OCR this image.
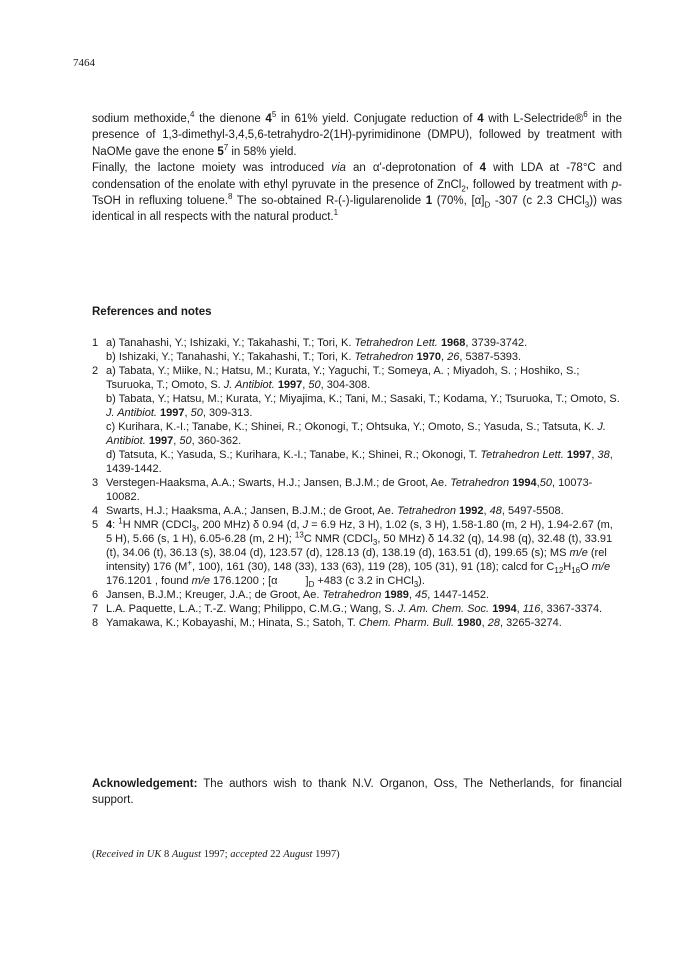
7464

sodium methoxide,$^4$ the dienone $4^5$ in 61% yield. Conjugate reduction of 4 with L-Selectride®$^6$ in the presence of 1,3-dimethyl-3,4,5,6-tetrahydro-2(1H)-pyrimidinone (DMPU), followed by treatment with NaOMe gave the enone $5^7$ in 58% yield.

Finally, the lactone moiety was introduced via an α'-deprotonation of 4 with LDA at -78°C and condensation of the enolate with ethyl pyruvate in the presence of ZnCl$_2$, followed by treatment with p-TsOH in refluxing toluene.$^8$ The so-obtained R-(-)-ligularenolide 1 (70%, $[\alpha]_D$ -307 (c 2.3 CHCl$_3$)) was identical in all respects with the natural product.$^1$

References and notes
1 a) Tanahashi, Y.; Ishizaki, Y.; Takahashi, T.; Tori, K. Tetrahedron Lett. 1968, 3739-3742.
b) Ishizaki, Y.; Tanahashi, Y.; Takahashi, T.; Tori, K. Tetrahedron 1970, 26, 5387-5393.
2 a) Tabata, Y.; Miike, N.; Hatsu, M.; Kurata, Y.; Yaguchi, T.; Someya, A. ; Miyadoh, S. ; Hoshiko, S.; Tsuruoka, T.; Omoto, S. J. Antibiot. 1997, 50, 304-308.
b) Tabata, Y.; Hatsu, M.; Kurata, Y.; Miyajima, K.; Tani, M.; Sasaki, T.; Kodama, Y.; Tsuruoka, T.; Omoto, S. J. Antibiot. 1997, 50, 309-313.
c) Kurihara, K.-I.; Tanabe, K.; Shinei, R.; Okonogi, T.; Ohtsuka, Y.; Omoto, S.; Yasuda, S.; Tatsuta, K. J. Antibiot. 1997, 50, 360-362.
d) Tatsuta, K.; Yasuda, S.; Kurihara, K.-I.; Tanabe, K.; Shinei, R.; Okonogi, T. Tetrahedron Lett. 1997, 38, 1439-1442.
3 Verstegen-Haaksma, A.A.; Swarts, H.J.; Jansen, B.J.M.; de Groot, Ae. Tetrahedron 1994,50, 10073-10082.
4 Swarts, H.J.; Haaksma, A.A.; Jansen, B.J.M.; de Groot, Ae. Tetrahedron 1992, 48, 5497-5508.
5 4: $^1$H NMR (CDCl$_3$, 200 MHz) δ 0.94 (d, J = 6.9 Hz, 3 H), 1.02 (s, 3 H), 1.58-1.80 (m, 2 H), 1.94-2.67 (m, 5 H), 5.66 (s, 1 H), 6.05-6.28 (m, 2 H); $^{13}$C NMR (CDCl$_3$, 50 MHz) δ 14.32 (q), 14.98 (q), 32.48 (t), 33.91 (t), 34.06 (t), 36.13 (s), 38.04 (d), 123.57 (d), 128.13 (d), 138.19 (d), 163.51 (d), 199.65 (s); MS m/e (rel intensity) 176 (M+, 100), 161 (30), 148 (33), 133 (63), 119 (28), 105 (31), 91 (18); calcd for $C_{12}H_{16}O$ m/e 176.1201 , found m/e 176.1200 ; [α	]$_D +483$ (c 3.2 in CHCl$_3$).
6 Jansen, B.J.M.; Kreuger, J.A.; de Groot, Ae. Tetrahedron 1989, 45, 1447-1452.
7 L.A. Paquette, L.A.; T.-Z. Wang; Philippo, C.M.G.; Wang, S. J. Am. Chem. Soc. 1994, 116, 3367-3374.
8 Yamakawa, K.; Kobayashi, M.; Hinata, S.; Satoh, T. Chem. Pharm. Bull. 1980, 28, 3265-3274.
Acknowledgement: The authors wish to thank N.V. Organon, Oss, The Netherlands, for financial support.
(Received in UK 8 August 1997; accepted 22 August 1997)
